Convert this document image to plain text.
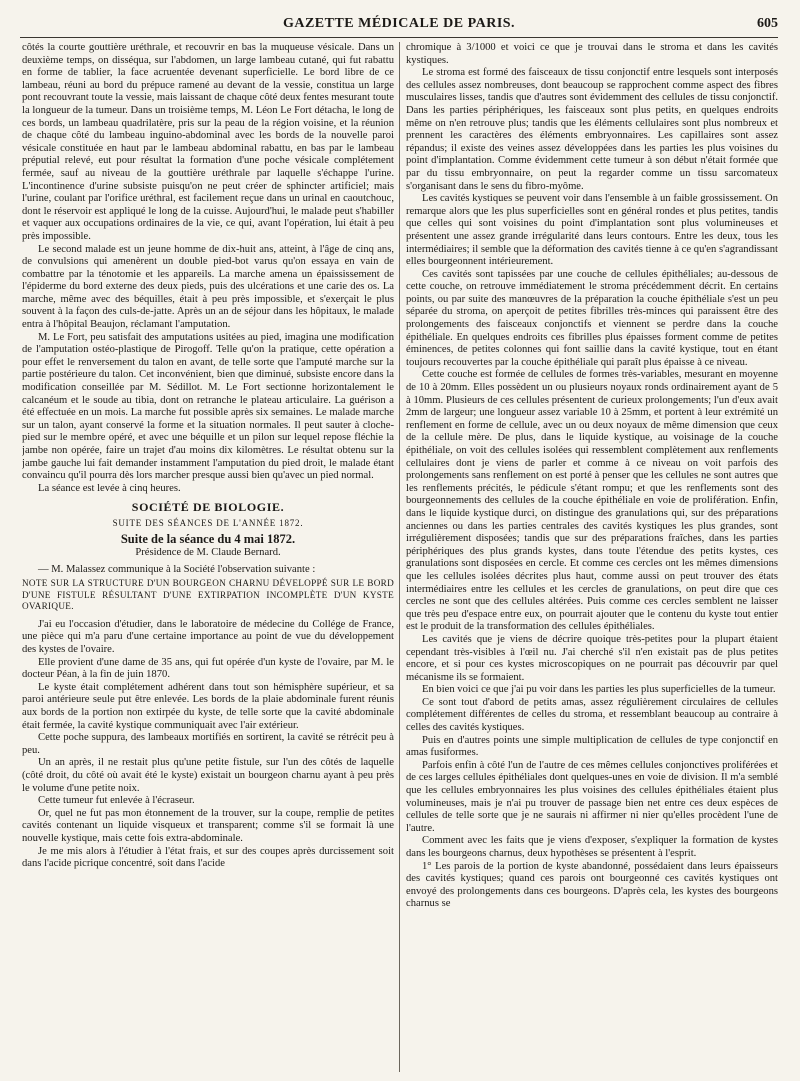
GAZETTE MÉDICALE DE PARIS.	605

côtés la courte gouttière uréthrale, et recouvrir en bas la muqueuse vésicale. Dans un deuxième temps, on disséqua, sur l'abdomen, un large lambeau cutané, qui fut rabattu en forme de tablier, la face acruentée devenant superficielle. Le bord libre de ce lambeau, réuni au bord du prépuce ramené au devant de la vessie, constitua un large pont recouvrant toute la vessie, mais laissant de chaque côté deux fentes mesurant toute la longueur de la tumeur. Dans un troisième temps, M. Léon Le Fort détacha, le long de ces bords, un lambeau quadrilatère, pris sur la peau de la région voisine, et la réunion de chaque côté du lambeau inguino-abdominal avec les bords de la nouvelle paroi vésicale constituée en haut par le lambeau abdominal rabattu, en bas par le lambeau préputial relevé, eut pour résultat la formation d'une poche vésicale complétement fermée, sauf au niveau de la gouttière uréthrale par laquelle s'échappe l'urine. L'incontinence d'urine subsiste puisqu'on ne peut créer de sphincter artificiel; mais l'urine, coulant par l'orifice uréthral, est facilement reçue dans un urinal en caoutchouc, dont le réservoir est appliqué le long de la cuisse. Aujourd'hui, le malade peut s'habiller et vaquer aux occupations ordinaires de la vie, ce qui, avant l'opération, lui était à peu près impossible.

Le second malade est un jeune homme de dix-huit ans, atteint, à l'âge de cinq ans, de convulsions qui amenèrent un double pied-bot varus qu'on essaya en vain de combattre par la ténotomie et les appareils. La marche amena un épaississement de l'épiderme du bord externe des deux pieds, puis des ulcérations et une carie des os. La marche, même avec des béquilles, était à peu près impossible, et s'exerçait le plus souvent à la façon des culs-de-jatte. Après un an de séjour dans les hôpitaux, le malade entra à l'hôpital Beaujon, réclamant l'amputation.

M. Le Fort, peu satisfait des amputations usitées au pied, imagina une modification de l'amputation ostéo-plastique de Pirogoff. Telle qu'on la pratique, cette opération a pour effet le renversement du talon en avant, de telle sorte que l'amputé marche sur la partie postérieure du talon. Cet inconvénient, bien que diminué, subsiste encore dans la modification conseillée par M. Sédillot. M. Le Fort sectionne horizontalement le calcanéum et le soude au tibia, dont on retranche le plateau articulaire. La guérison a été effectuée en un mois. La marche fut possible après six semaines. Le malade marche sur un talon, ayant conservé la forme et la situation normales. Il peut sauter à cloche-pied sur le membre opéré, et avec une béquille et un pilon sur lequel repose fléchie la jambe non opérée, faire un trajet d'au moins dix kilomètres. Le résultat obtenu sur la jambe gauche lui fait demander instamment l'amputation du pied droit, le malade étant convaincu qu'il pourra dès lors marcher presque aussi bien qu'avec un pied normal.

La séance est levée à cinq heures.

SOCIÉTÉ DE BIOLOGIE.
SUITE DES SÉANCES DE L'ANNÉE 1872.
Suite de la séance du 4 mai 1872.
Présidence de M. Claude Bernard.

— M. Malassez communique à la Société l'observation suivante :

NOTE SUR LA STRUCTURE D'UN BOURGEON CHARNU DÉVELOPPÉ SUR LE BORD D'UNE FISTULE RÉSULTANT D'UNE EXTIRPATION INCOMPLÈTE D'UN KYSTE OVARIQUE.

J'ai eu l'occasion d'étudier, dans le laboratoire de médecine du Collége de France, une pièce qui m'a paru d'une certaine importance au point de vue du développement des kystes de l'ovaire.

Elle provient d'une dame de 35 ans, qui fut opérée d'un kyste de l'ovaire, par M. le docteur Péan, à la fin de juin 1870.

Le kyste était complétement adhérent dans tout son hémisphère supérieur, et sa paroi antérieure seule put être enlevée. Les bords de la plaie abdominale furent réunis aux bords de la portion non extirpée du kyste, de telle sorte que la cavité abdominale était fermée, la cavité kystique communiquait avec l'air extérieur.

Cette poche suppura, des lambeaux mortifiés en sortirent, la cavité se rétrécit peu à peu.

Un an après, il ne restait plus qu'une petite fistule, sur l'un des côtés de laquelle (côté droit, du côté où avait été le kyste) existait un bourgeon charnu ayant à peu près le volume d'une petite noix.

Cette tumeur fut enlevée à l'écraseur.

Or, quel ne fut pas mon étonnement de la trouver, sur la coupe, remplie de petites cavités contenant un liquide visqueux et transparent; comme s'il se formait là une nouvelle kystique, mais cette fois extra-abdominale.

Je me mis alors à l'étudier à l'état frais, et sur des coupes après durcissement soit dans l'acide picrique concentré, soit dans l'acide

chromique à 3/1000 et voici ce que je trouvai dans le stroma et dans les cavités kystiques.

Le stroma est formé des faisceaux de tissu conjonctif entre lesquels sont interposés des cellules assez nombreuses, dont beaucoup se rapprochent comme aspect des fibres musculaires lisses, tandis que d'autres sont évidemment des cellules de tissu conjonctif. Dans les parties périphériques, les faisceaux sont plus petits, en quelques endroits même on n'en retrouve plus; tandis que les éléments cellulaires sont plus nombreux et prennent les caractères des éléments embryonnaires. Les capillaires sont assez répandus; il existe des veines assez développées dans les parties les plus voisines du point d'implantation. Comme évidemment cette tumeur à son début n'était formée que par du tissu embryonnaire, on peut la regarder comme un tissu sarcomateux s'organisant dans le sens du fibro-myôme.

Les cavités kystiques se peuvent voir dans l'ensemble à un faible grossissement. On remarque alors que les plus superficielles sont en général rondes et plus petites, tandis que celles qui sont voisines du point d'implantation sont plus volumineuses et présentent une assez grande irrégularité dans leurs contours. Entre les deux, tous les intermédiaires; il semble que la déformation des cavités tienne à ce qu'en s'agrandissant elles bourgeonnent intérieurement.

Ces cavités sont tapissées par une couche de cellules épithéliales; au-dessous de cette couche, on retrouve immédiatement le stroma précédemment décrit. En certains points, ou par suite des manœuvres de la préparation la couche épithéliale s'est un peu séparée du stroma, on aperçoit de petites fibrilles très-minces qui paraissent être des prolongements des faisceaux conjonctifs et viennent se perdre dans la couche épithéliale. En quelques endroits ces fibrilles plus épaisses forment comme de petites éminences, de petites colonnes qui font saillie dans la cavité kystique, tout en étant toujours recouvertes par la couche épithéliale qui paraît plus épaisse à ce niveau.

Cette couche est formée de cellules de formes très-variables, mesurant en moyenne de 10 à 20mm. Elles possèdent un ou plusieurs noyaux ronds ordinairement ayant de 5 à 10mm. Plusieurs de ces cellules présentent de curieux prolongements; l'un d'eux avait 2mm de largeur; une longueur assez variable 10 à 25mm, et portent à leur extrémité un renflement en forme de cellule, avec un ou deux noyaux de même dimension que ceux de la cellule mère. De plus, dans le liquide kystique, au voisinage de la couche épithéliale, on voit des cellules isolées qui ressemblent complètement aux renflements cellulaires dont je viens de parler et comme à ce niveau on voit parfois des prolongements sans renflement on est porté à penser que les cellules ne sont autres que les renflements précités, le pédicule s'étant rompu; et que les renflements sont des bourgeonnements des cellules de la couche épithéliale en voie de prolifération. Enfin, dans le liquide kystique durci, on distingue des granulations qui, sur des préparations anciennes ou dans les parties centrales des cavités kystiques les plus grandes, sont irrégulièrement disposées; tandis que sur des préparations fraîches, dans les parties périphériques des plus grands kystes, dans toute l'étendue des petits kystes, ces granulations sont disposées en cercle. Et comme ces cercles ont les mêmes dimensions que les cellules isolées décrites plus haut, comme aussi on peut trouver des états intermédiaires entre les cellules et les cercles de granulations, on peut dire que ces cercles ne sont que des cellules altérées. Puis comme ces cercles semblent ne laisser que très peu d'espace entre eux, on pourrait ajouter que le contenu du kyste tout entier est le produit de la transformation des cellules épithéliales.

Les cavités que je viens de décrire quoique très-petites pour la plupart étaient cependant très-visibles à l'œil nu. J'ai cherché s'il n'en existait pas de plus petites encore, et si pour ces kystes microscopiques on ne pourrait pas découvrir par quel mécanisme ils se formaient.

En bien voici ce que j'ai pu voir dans les parties les plus superficielles de la tumeur.

Ce sont tout d'abord de petits amas, assez régulièrement circulaires de cellules complétement différentes de celles du stroma, et ressemblant beaucoup au contraire à celles des cavités kystiques.

Puis en d'autres points une simple multiplication de cellules de type conjonctif en amas fusiformes.

Parfois enfin à côté l'un de l'autre de ces mêmes cellules conjonctives proliférées et de ces larges cellules épithéliales dont quelques-unes en voie de division. Il m'a semblé que les cellules embryonnaires les plus voisines des cellules épithéliales étaient plus volumineuses, mais je n'ai pu trouver de passage bien net entre ces deux espèces de cellules de telle sorte que je ne saurais ni affirmer ni nier qu'elles procèdent l'une de l'autre.

Comment avec les faits que je viens d'exposer, s'expliquer la formation de kystes dans les bourgeons charnus, deux hypothèses se présentent à l'esprit.

1° Les parois de la portion de kyste abandonné, possédaient dans leurs épaisseurs des cavités kystiques; quand ces parois ont bourgeonné ces cavités kystiques ont envoyé des prolongements dans ces bourgeons. D'après cela, les kystes des bourgeons charnus se
